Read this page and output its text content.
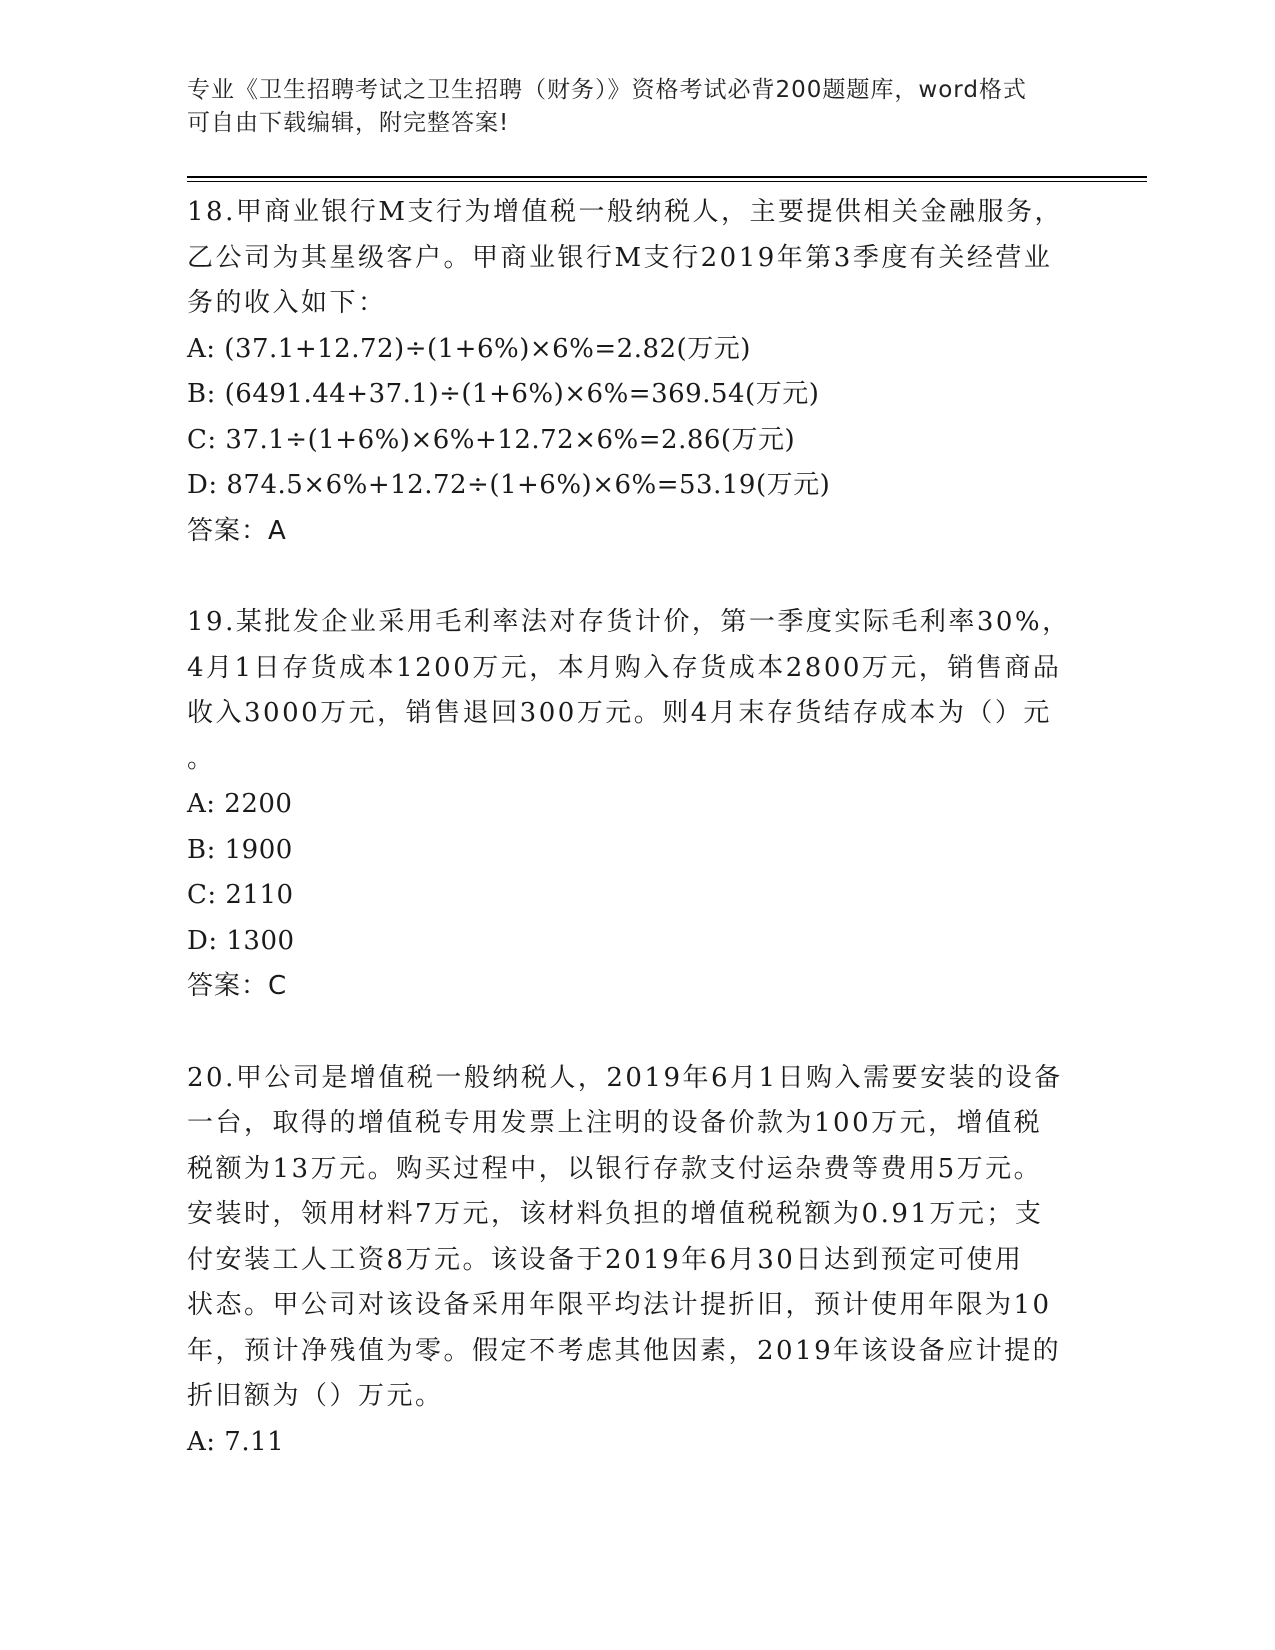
专业《卫生招聘考试之卫生招聘（财务）》资格考试必背200题题库，word格式
可自由下载编辑，附完整答案!
18.甲商业银行M支行为增值税一般纳税人，主要提供相关金融服务，
乙公司为其星级客户。甲商业银行M支行2019年第3季度有关经营业
务的收入如下：
A: (37.1+12.72)÷(1+6%)×6%=2.82(万元)
B: (6491.44+37.1)÷(1+6%)×6%=369.54(万元)
C: 37.1÷(1+6%)×6%+12.72×6%=2.86(万元)
D: 874.5×6%+12.72÷(1+6%)×6%=53.19(万元)
答案：A
19.某批发企业采用毛利率法对存货计价，第一季度实际毛利率30%，
4月1日存货成本1200万元，本月购入存货成本2800万元，销售商品
收入3000万元，销售退回300万元。则4月末存货结存成本为（）元
。
A: 2200
B: 1900
C: 2110
D: 1300
答案：C
20.甲公司是增值税一般纳税人，2019年6月1日购入需要安装的设备
一台，取得的增值税专用发票上注明的设备价款为100万元，增值税
税额为13万元。购买过程中，以银行存款支付运杂费等费用5万元。
安装时，领用材料7万元，该材料负担的增值税税额为0.91万元；支
付安装工人工资8万元。该设备于2019年6月30日达到预定可使用
状态。甲公司对该设备采用年限平均法计提折旧，预计使用年限为10
年，预计净残值为零。假定不考虑其他因素，2019年该设备应计提的
折旧额为（）万元。
A: 7.11
